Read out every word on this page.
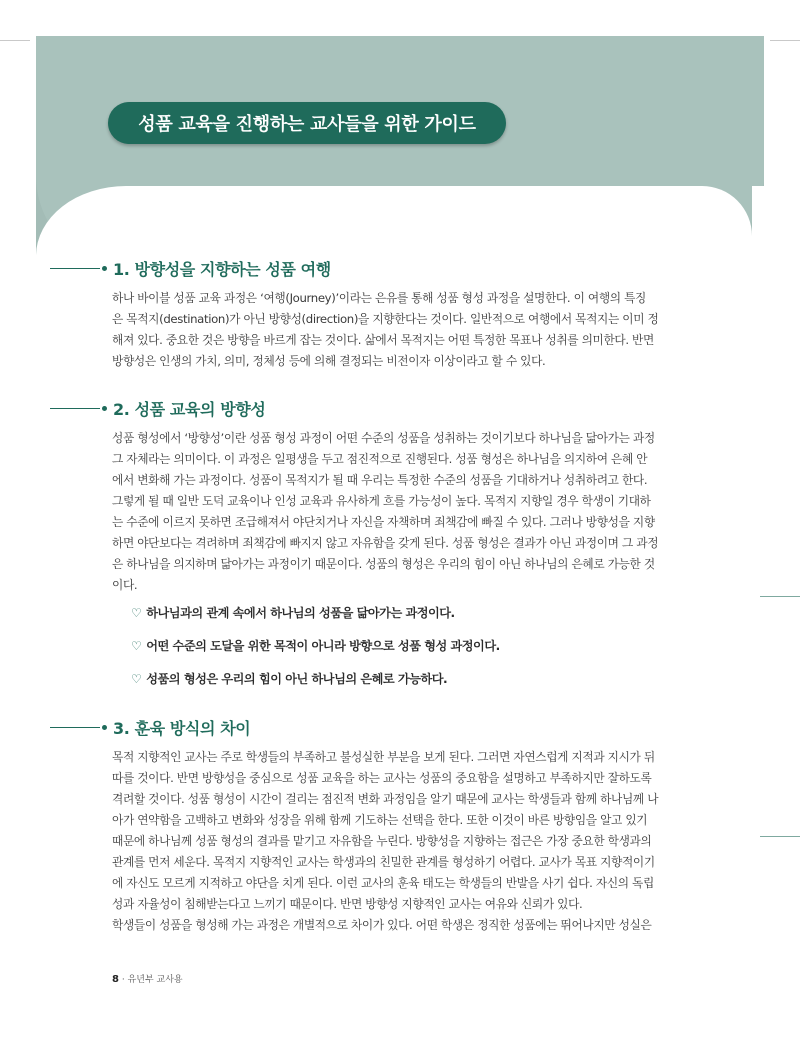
성품 교육을 진행하는 교사들을 위한 가이드
1. 방향성을 지향하는 성품 여행

하나 바이블 성품 교육 과정은 ‘여행(Journey)’이라는 은유를 통해 성품 형성 과정을 설명한다. 이 여행의 특징
은 목적지(destination)가 아닌 방향성(direction)을 지향한다는 것이다. 일반적으로 여행에서 목적지는 이미 정
해져 있다. 중요한 것은 방향을 바르게 잡는 것이다. 삶에서 목적지는 어떤 특정한 목표나 성취를 의미한다. 반면
방향성은 인생의 가치, 의미, 정체성 등에 의해 결정되는 비전이자 이상이라고 할 수 있다.

2. 성품 교육의 방향성

성품 형성에서 ‘방향성’이란 성품 형성 과정이 어떤 수준의 성품을 성취하는 것이기보다 하나님을 닮아가는 과정
그 자체라는 의미이다. 이 과정은 일평생을 두고 점진적으로 진행된다. 성품 형성은 하나님을 의지하여 은혜 안
에서 변화해 가는 과정이다. 성품이 목적지가 될 때 우리는 특정한 수준의 성품을 기대하거나 성취하려고 한다.
그렇게 될 때 일반 도덕 교육이나 인성 교육과 유사하게 흐를 가능성이 높다. 목적지 지향일 경우 학생이 기대하
는 수준에 이르지 못하면 조급해져서 야단치거나 자신을 자책하며 죄책감에 빠질 수 있다. 그러나 방향성을 지향
하면 야단보다는 격려하며 죄책감에 빠지지 않고 자유함을 갖게 된다. 성품 형성은 결과가 아닌 과정이며 그 과정
은 하나님을 의지하며 닮아가는 과정이기 때문이다. 성품의 형성은 우리의 힘이 아닌 하나님의 은혜로 가능한 것
이다.

♡ 하나님과의 관계 속에서 하나님의 성품을 닮아가는 과정이다.
♡ 어떤 수준의 도달을 위한 목적이 아니라 방향으로 성품 형성 과정이다.
♡ 성품의 형성은 우리의 힘이 아닌 하나님의 은혜로 가능하다.
3. 훈육 방식의 차이

목적 지향적인 교사는 주로 학생들의 부족하고 불성실한 부분을 보게 된다. 그러면 자연스럽게 지적과 지시가 뒤
따를 것이다. 반면 방향성을 중심으로 성품 교육을 하는 교사는 성품의 중요함을 설명하고 부족하지만 잘하도록
격려할 것이다. 성품 형성이 시간이 걸리는 점진적 변화 과정임을 알기 때문에 교사는 학생들과 함께 하나님께 나
아가 연약함을 고백하고 변화와 성장을 위해 함께 기도하는 선택을 한다. 또한 이것이 바른 방향임을 알고 있기
때문에 하나님께 성품 형성의 결과를 맡기고 자유함을 누린다. 방향성을 지향하는 접근은 가장 중요한 학생과의
관계를 먼저 세운다. 목적지 지향적인 교사는 학생과의 친밀한 관계를 형성하기 어렵다. 교사가 목표 지향적이기
에 자신도 모르게 지적하고 야단을 치게 된다. 이런 교사의 훈육 태도는 학생들의 반발을 사기 쉽다. 자신의 독립
성과 자율성이 침해받는다고 느끼기 때문이다. 반면 방향성 지향적인 교사는 여유와 신뢰가 있다.
학생들이 성품을 형성해 가는 과정은 개별적으로 차이가 있다. 어떤 학생은 정직한 성품에는 뛰어나지만 성실은

8 · 유년부 교사용
